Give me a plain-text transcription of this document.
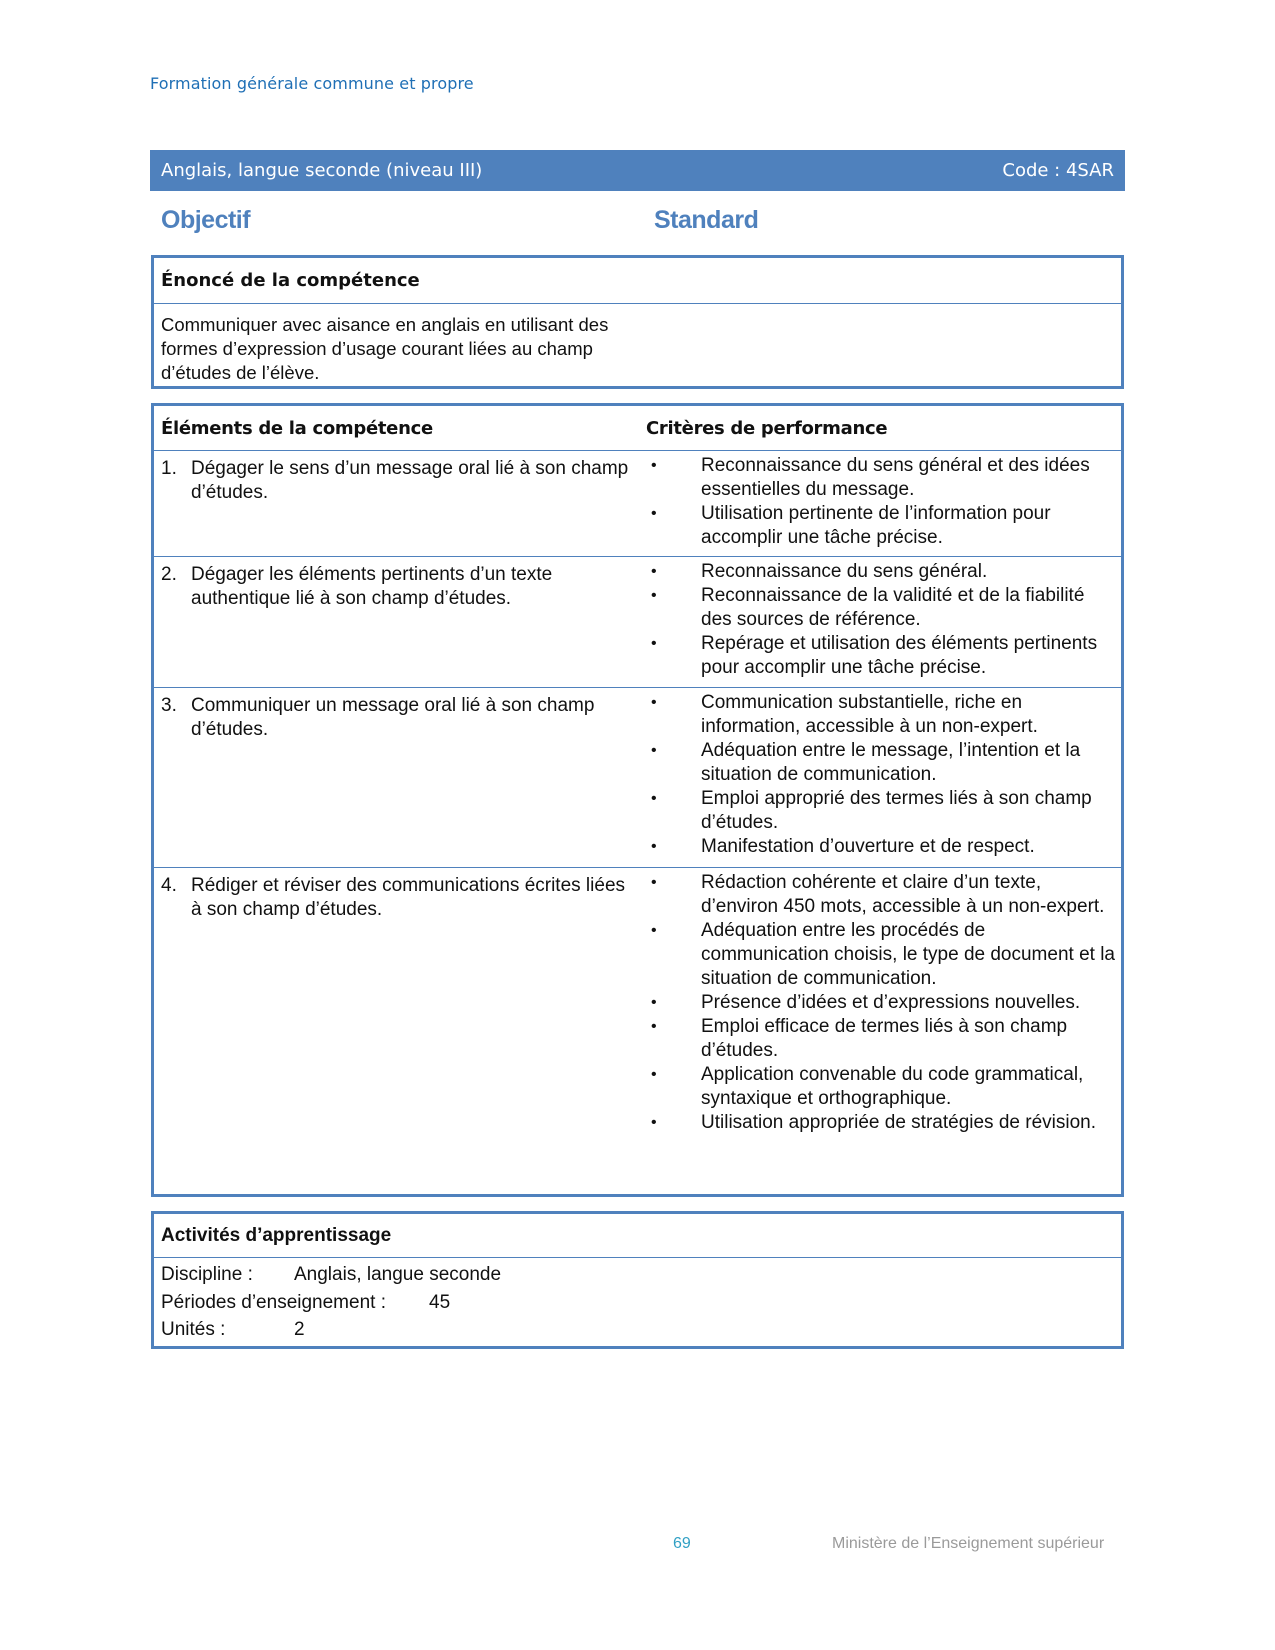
Formation générale commune et propre
Anglais, langue seconde (niveau III)	Code : 4SAR
Objectif	Standard
Énoncé de la compétence
Communiquer avec aisance en anglais en utilisant des formes d’expression d’usage courant liées au champ d’études de l’élève.
Éléments de la compétence	Critères de performance
1. Dégager le sens d’un message oral lié à son champ d’études.
•	Reconnaissance du sens général et des idées essentielles du message.
•	Utilisation pertinente de l’information pour accomplir une tâche précise.
2. Dégager les éléments pertinents d’un texte authentique lié à son champ d’études.
•	Reconnaissance du sens général.
•	Reconnaissance de la validité et de la fiabilité des sources de référence.
•	Repérage et utilisation des éléments pertinents pour accomplir une tâche précise.
3. Communiquer un message oral lié à son champ d’études.
•	Communication substantielle, riche en information, accessible à un non-expert.
•	Adéquation entre le message, l’intention et la situation de communication.
•	Emploi approprié des termes liés à son champ d’études.
•	Manifestation d’ouverture et de respect.
4. Rédiger et réviser des communications écrites liées à son champ d’études.
•	Rédaction cohérente et claire d’un texte, d’environ 450 mots, accessible à un non-expert.
•	Adéquation entre les procédés de communication choisis, le type de document et la situation de communication.
•	Présence d’idées et d’expressions nouvelles.
•	Emploi efficace de termes liés à son champ d’études.
•	Application convenable du code grammatical, syntaxique et orthographique.
•	Utilisation appropriée de stratégies de révision.
Activités d’apprentissage
Discipline :	Anglais, langue seconde
Périodes d’enseignement :	45
Unités :	2
69	Ministère de l’Enseignement supérieur
